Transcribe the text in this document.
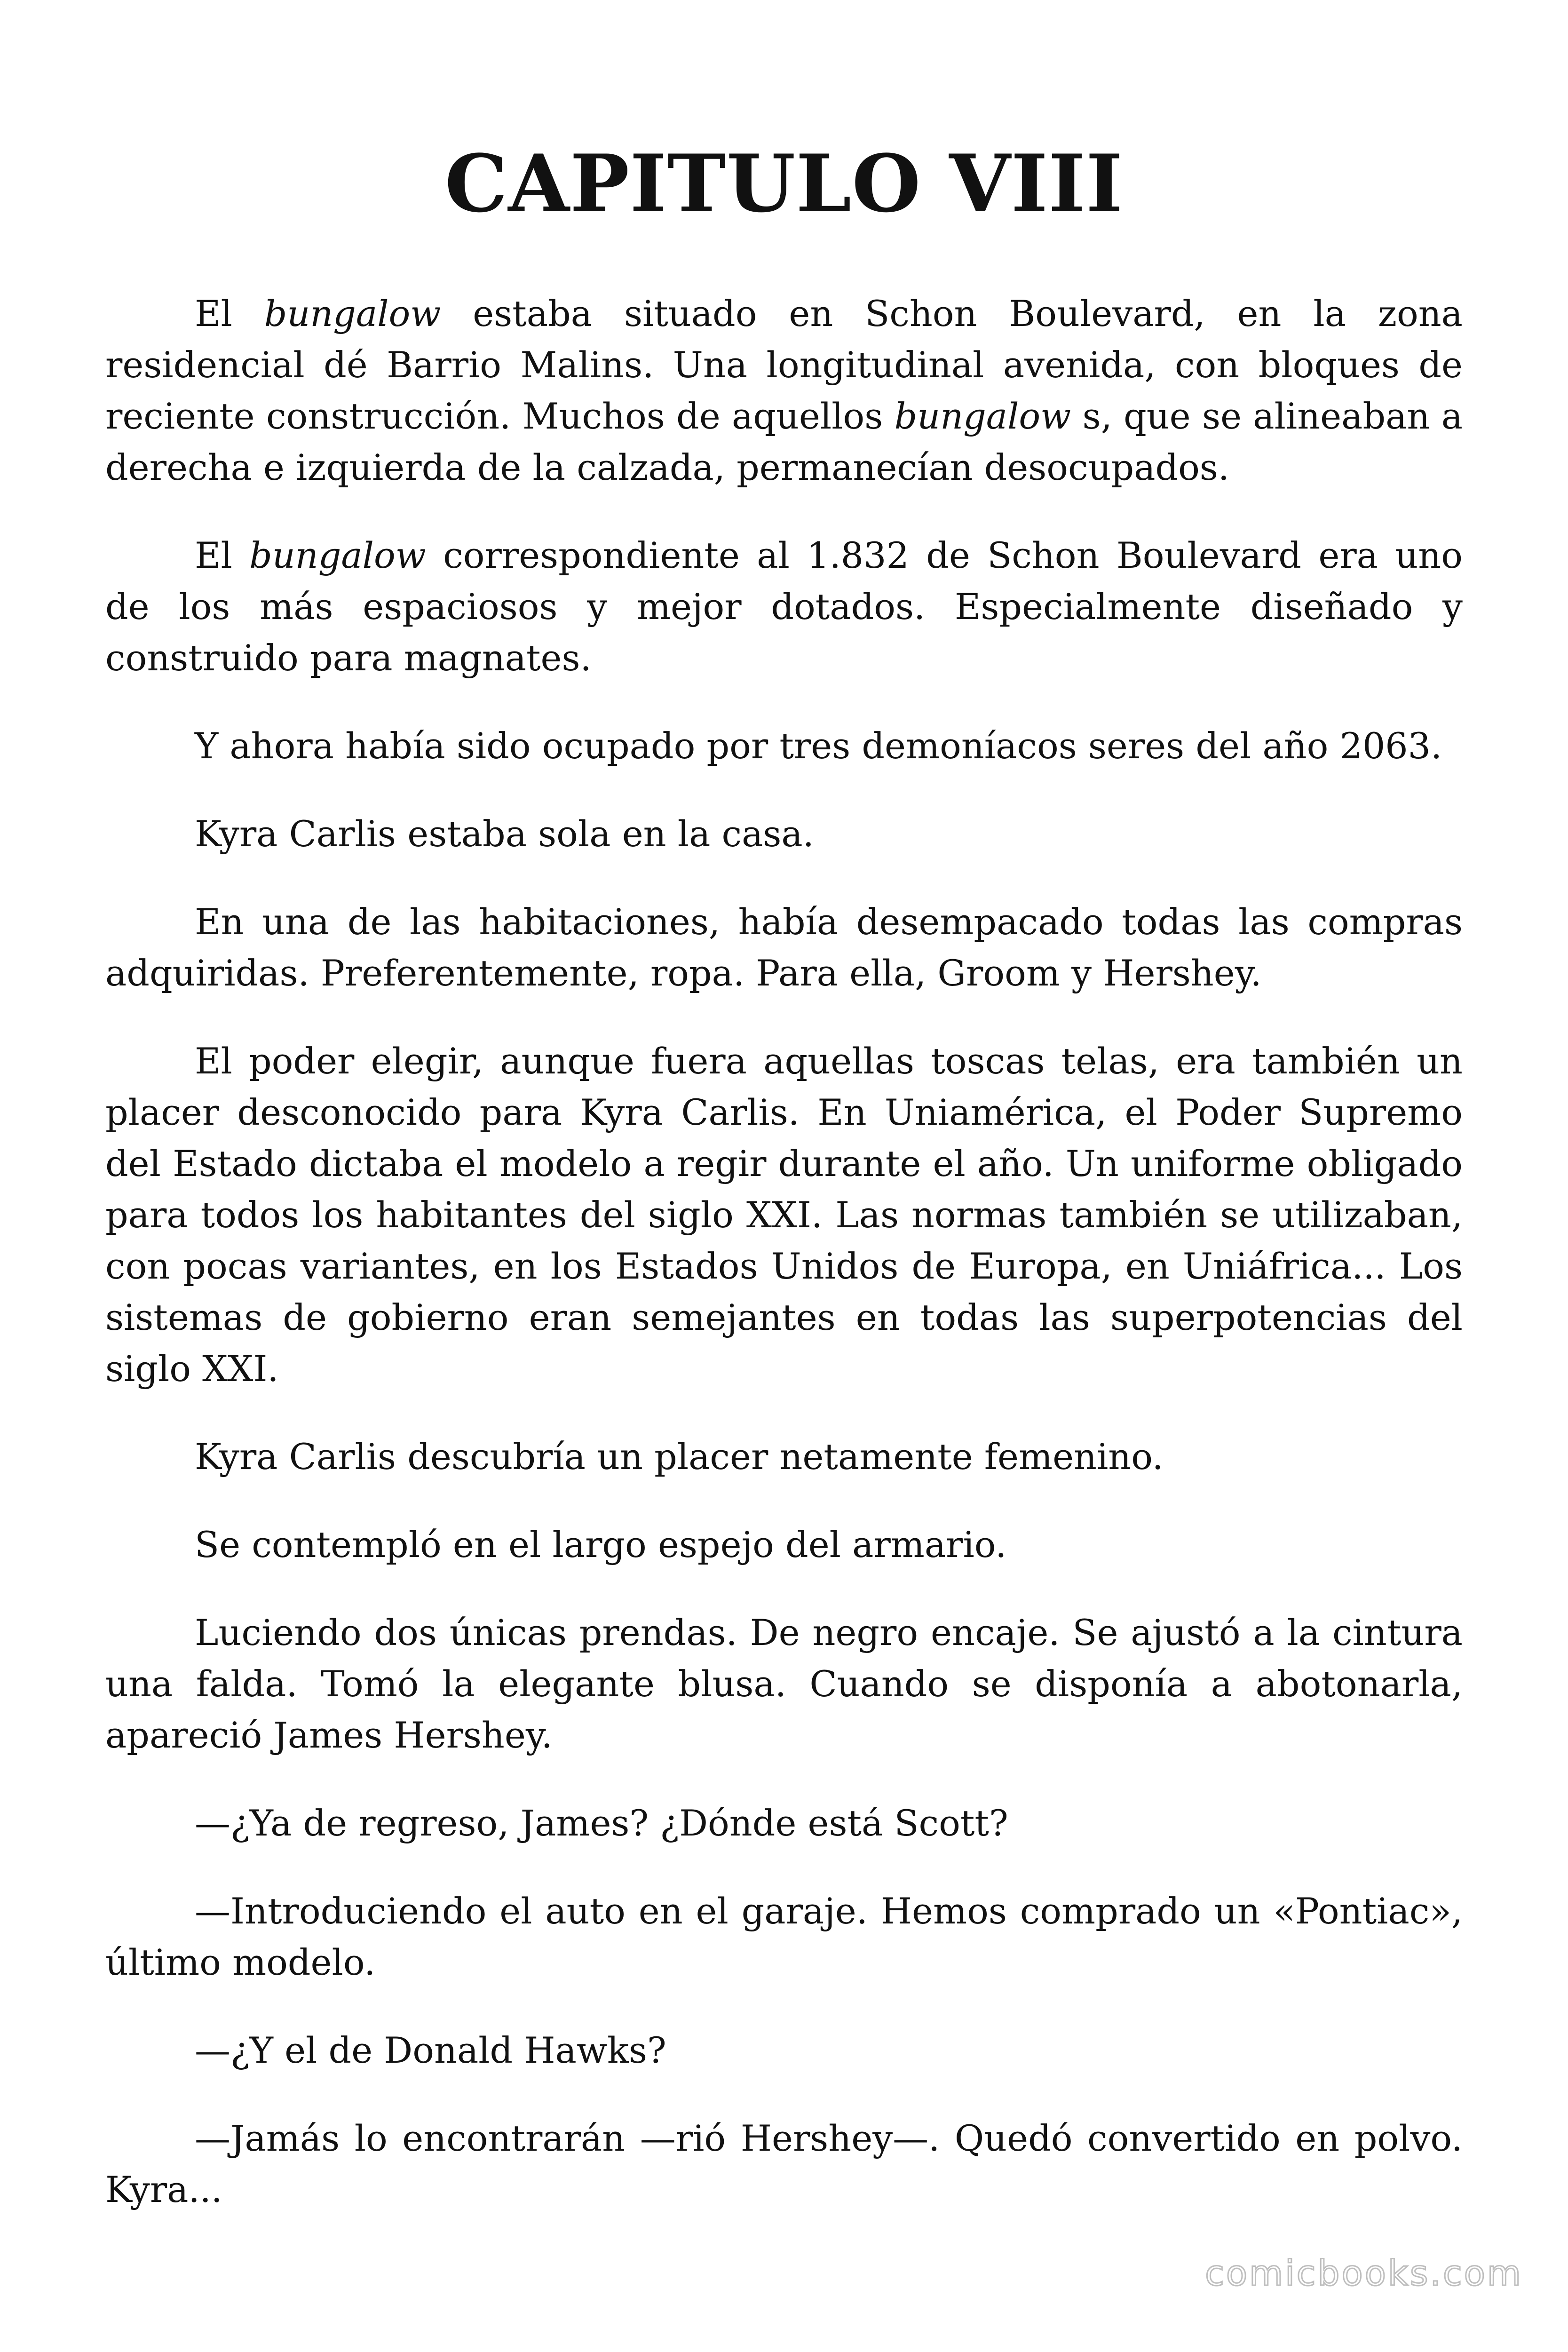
CAPITULO VIII

El bungalow estaba situado en Schon Boulevard, en la zona residencial dé Barrio Malins. Una longitudinal avenida, con bloques de reciente construcción. Muchos de aquellos bungalow s, que se alineaban a derecha e izquierda de la calzada, permanecían desocupados.

El bungalow correspondiente al 1.832 de Schon Boulevard era uno de los más espaciosos y mejor dotados. Especialmente diseñado y construido para magnates.

Y ahora había sido ocupado por tres demoníacos seres del año 2063.

Kyra Carlis estaba sola en la casa.

En una de las habitaciones, había desempacado todas las compras adquiridas. Preferentemente, ropa. Para ella, Groom y Hershey.

El poder elegir, aunque fuera aquellas toscas telas, era también un placer desconocido para Kyra Carlis. En Uniamérica, el Poder Supremo del Estado dictaba el modelo a regir durante el año. Un uniforme obligado para todos los habitantes del siglo XXI. Las normas también se utilizaban, con pocas variantes, en los Estados Unidos de Europa, en Uniáfrica... Los sistemas de gobierno eran semejantes en todas las superpotencias del siglo XXI.

Kyra Carlis descubría un placer netamente femenino.

Se contempló en el largo espejo del armario.

Luciendo dos únicas prendas. De negro encaje. Se ajustó a la cintura una falda. Tomó la elegante blusa. Cuando se disponía a abotonarla, apareció James Hershey.

—¿Ya de regreso, James? ¿Dónde está Scott?

—Introduciendo el auto en el garaje. Hemos comprado un «Pontiac», último modelo.

—¿Y el de Donald Hawks?

—Jamás lo encontrarán —rió Hershey—. Quedó convertido en polvo. Kyra...

comicbooks.com
